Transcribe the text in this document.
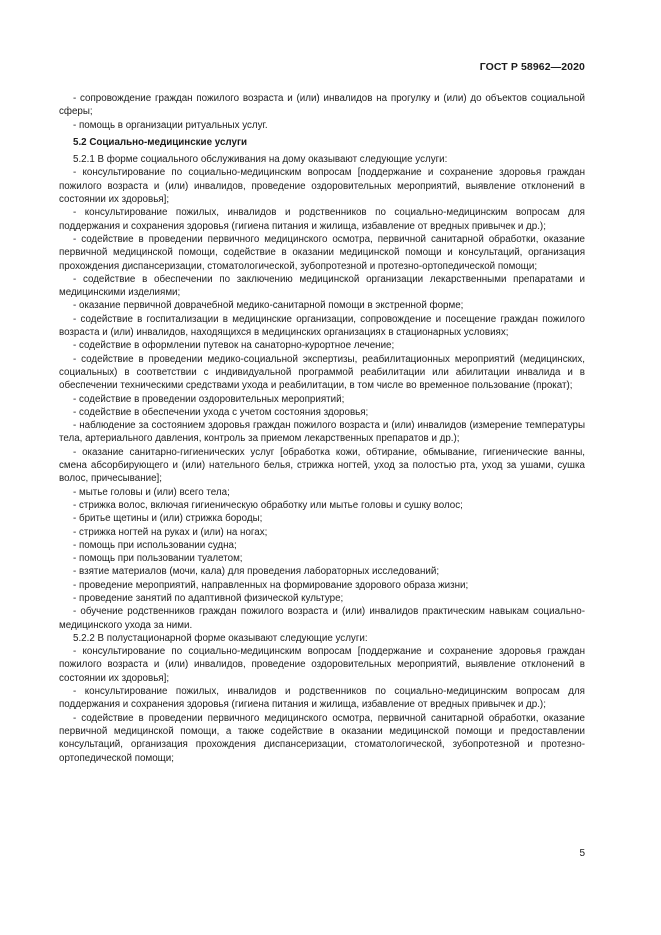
ГОСТ Р 58962—2020

- сопровождение граждан пожилого возраста и (или) инвалидов на прогулку и (или) до объектов социальной сферы;

- помощь в организации ритуальных услуг.

5.2 Социально-медицинские услуги

5.2.1 В форме социального обслуживания на дому оказывают следующие услуги:

- консультирование по социально-медицинским вопросам [поддержание и сохранение здоровья граждан пожилого возраста и (или) инвалидов, проведение оздоровительных мероприятий, выявление отклонений в состоянии их здоровья];

- консультирование пожилых, инвалидов и родственников по социально-медицинским вопросам для поддержания и сохранения здоровья (гигиена питания и жилища, избавление от вредных привычек и др.);

- содействие в проведении первичного медицинского осмотра, первичной санитарной обработки, оказание первичной медицинской помощи, содействие в оказании медицинской помощи и консультаций, организация прохождения диспансеризации, стоматологической, зубопротезной и протезно-ортопедической помощи;

- содействие в обеспечении по заключению медицинской организации лекарственными препаратами и медицинскими изделиями;

- оказание первичной доврачебной медико-санитарной помощи в экстренной форме;

- содействие в госпитализации в медицинские организации, сопровождение и посещение граждан пожилого возраста и (или) инвалидов, находящихся в медицинских организациях в стационарных условиях;

- содействие в оформлении путевок на санаторно-курортное лечение;

- содействие в проведении медико-социальной экспертизы, реабилитационных мероприятий (медицинских, социальных) в соответствии с индивидуальной программой реабилитации или абилитации инвалида и в обеспечении техническими средствами ухода и реабилитации, в том числе во временное пользование (прокат);

- содействие в проведении оздоровительных мероприятий;

- содействие в обеспечении ухода с учетом состояния здоровья;

- наблюдение за состоянием здоровья граждан пожилого возраста и (или) инвалидов (измерение температуры тела, артериального давления, контроль за приемом лекарственных препаратов и др.);

- оказание санитарно-гигиенических услуг [обработка кожи, обтирание, обмывание, гигиенические ванны, смена абсорбирующего и (или) нательного белья, стрижка ногтей, уход за полостью рта, уход за ушами, сушка волос, причесывание];

- мытье головы и (или) всего тела;

- стрижка волос, включая гигиеническую обработку или мытье головы и сушку волос;

- бритье щетины и (или) стрижка бороды;

- стрижка ногтей на руках и (или) на ногах;

- помощь при использовании судна;

- помощь при пользовании туалетом;

- взятие материалов (мочи, кала) для проведения лабораторных исследований;

- проведение мероприятий, направленных на формирование здорового образа жизни;

- проведение занятий по адаптивной физической культуре;

- обучение родственников граждан пожилого возраста и (или) инвалидов практическим навыкам социально-медицинского ухода за ними.

5.2.2 В полустационарной форме оказывают следующие услуги:

- консультирование по социально-медицинским вопросам [поддержание и сохранение здоровья граждан пожилого возраста и (или) инвалидов, проведение оздоровительных мероприятий, выявление отклонений в состоянии их здоровья];

- консультирование пожилых, инвалидов и родственников по социально-медицинским вопросам для поддержания и сохранения здоровья (гигиена питания и жилища, избавление от вредных привычек и др.);

- содействие в проведении первичного медицинского осмотра, первичной санитарной обработки, оказание первичной медицинской помощи, а также содействие в оказании медицинской помощи и предоставлении консультаций, организация прохождения диспансеризации, стоматологической, зубопротезной и протезно-ортопедической помощи;

5
